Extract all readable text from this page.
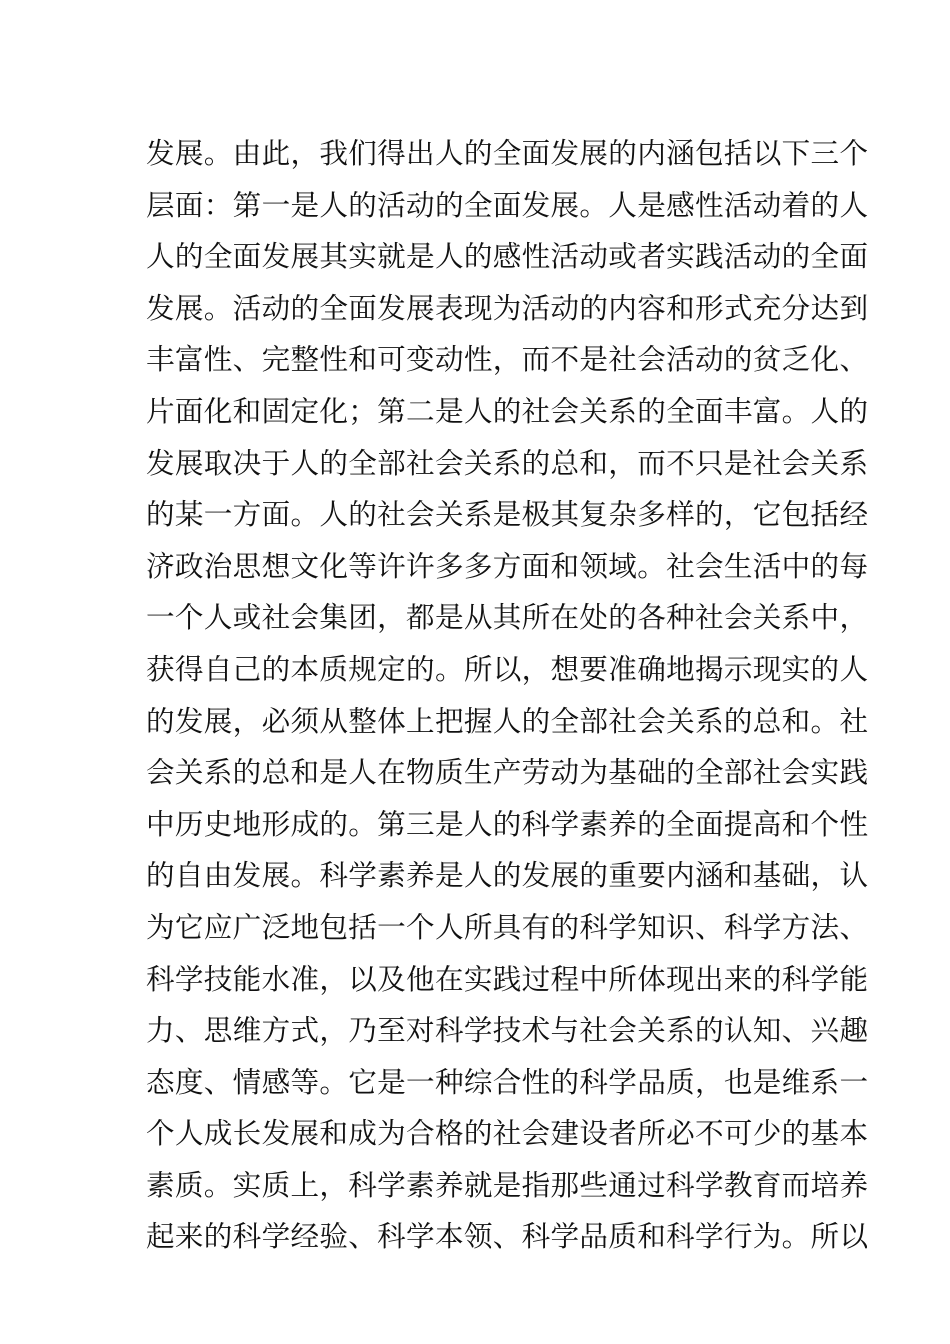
发展。由此，我们得出人的全面发展的内涵包括以下三个
层面：第一是人的活动的全面发展。人是感性活动着的人
人的全面发展其实就是人的感性活动或者实践活动的全面
发展。活动的全面发展表现为活动的内容和形式充分达到
丰富性、完整性和可变动性，而不是社会活动的贫乏化、
片面化和固定化；第二是人的社会关系的全面丰富。人的
发展取决于人的全部社会关系的总和，而不只是社会关系
的某一方面。人的社会关系是极其复杂多样的，它包括经
济政治思想文化等许许多多方面和领域。社会生活中的每
一个人或社会集团，都是从其所在处的各种社会关系中，
获得自己的本质规定的。所以，想要准确地揭示现实的人
的发展，必须从整体上把握人的全部社会关系的总和。社
会关系的总和是人在物质生产劳动为基础的全部社会实践
中历史地形成的。第三是人的科学素养的全面提高和个性
的自由发展。科学素养是人的发展的重要内涵和基础，认
为它应广泛地包括一个人所具有的科学知识、科学方法、
科学技能水准，以及他在实践过程中所体现出来的科学能
力、思维方式，乃至对科学技术与社会关系的认知、兴趣
态度、情感等。它是一种综合性的科学品质，也是维系一
个人成长发展和成为合格的社会建设者所必不可少的基本
素质。实质上，科学素养就是指那些通过科学教育而培养
起来的科学经验、科学本领、科学品质和科学行为。所以
